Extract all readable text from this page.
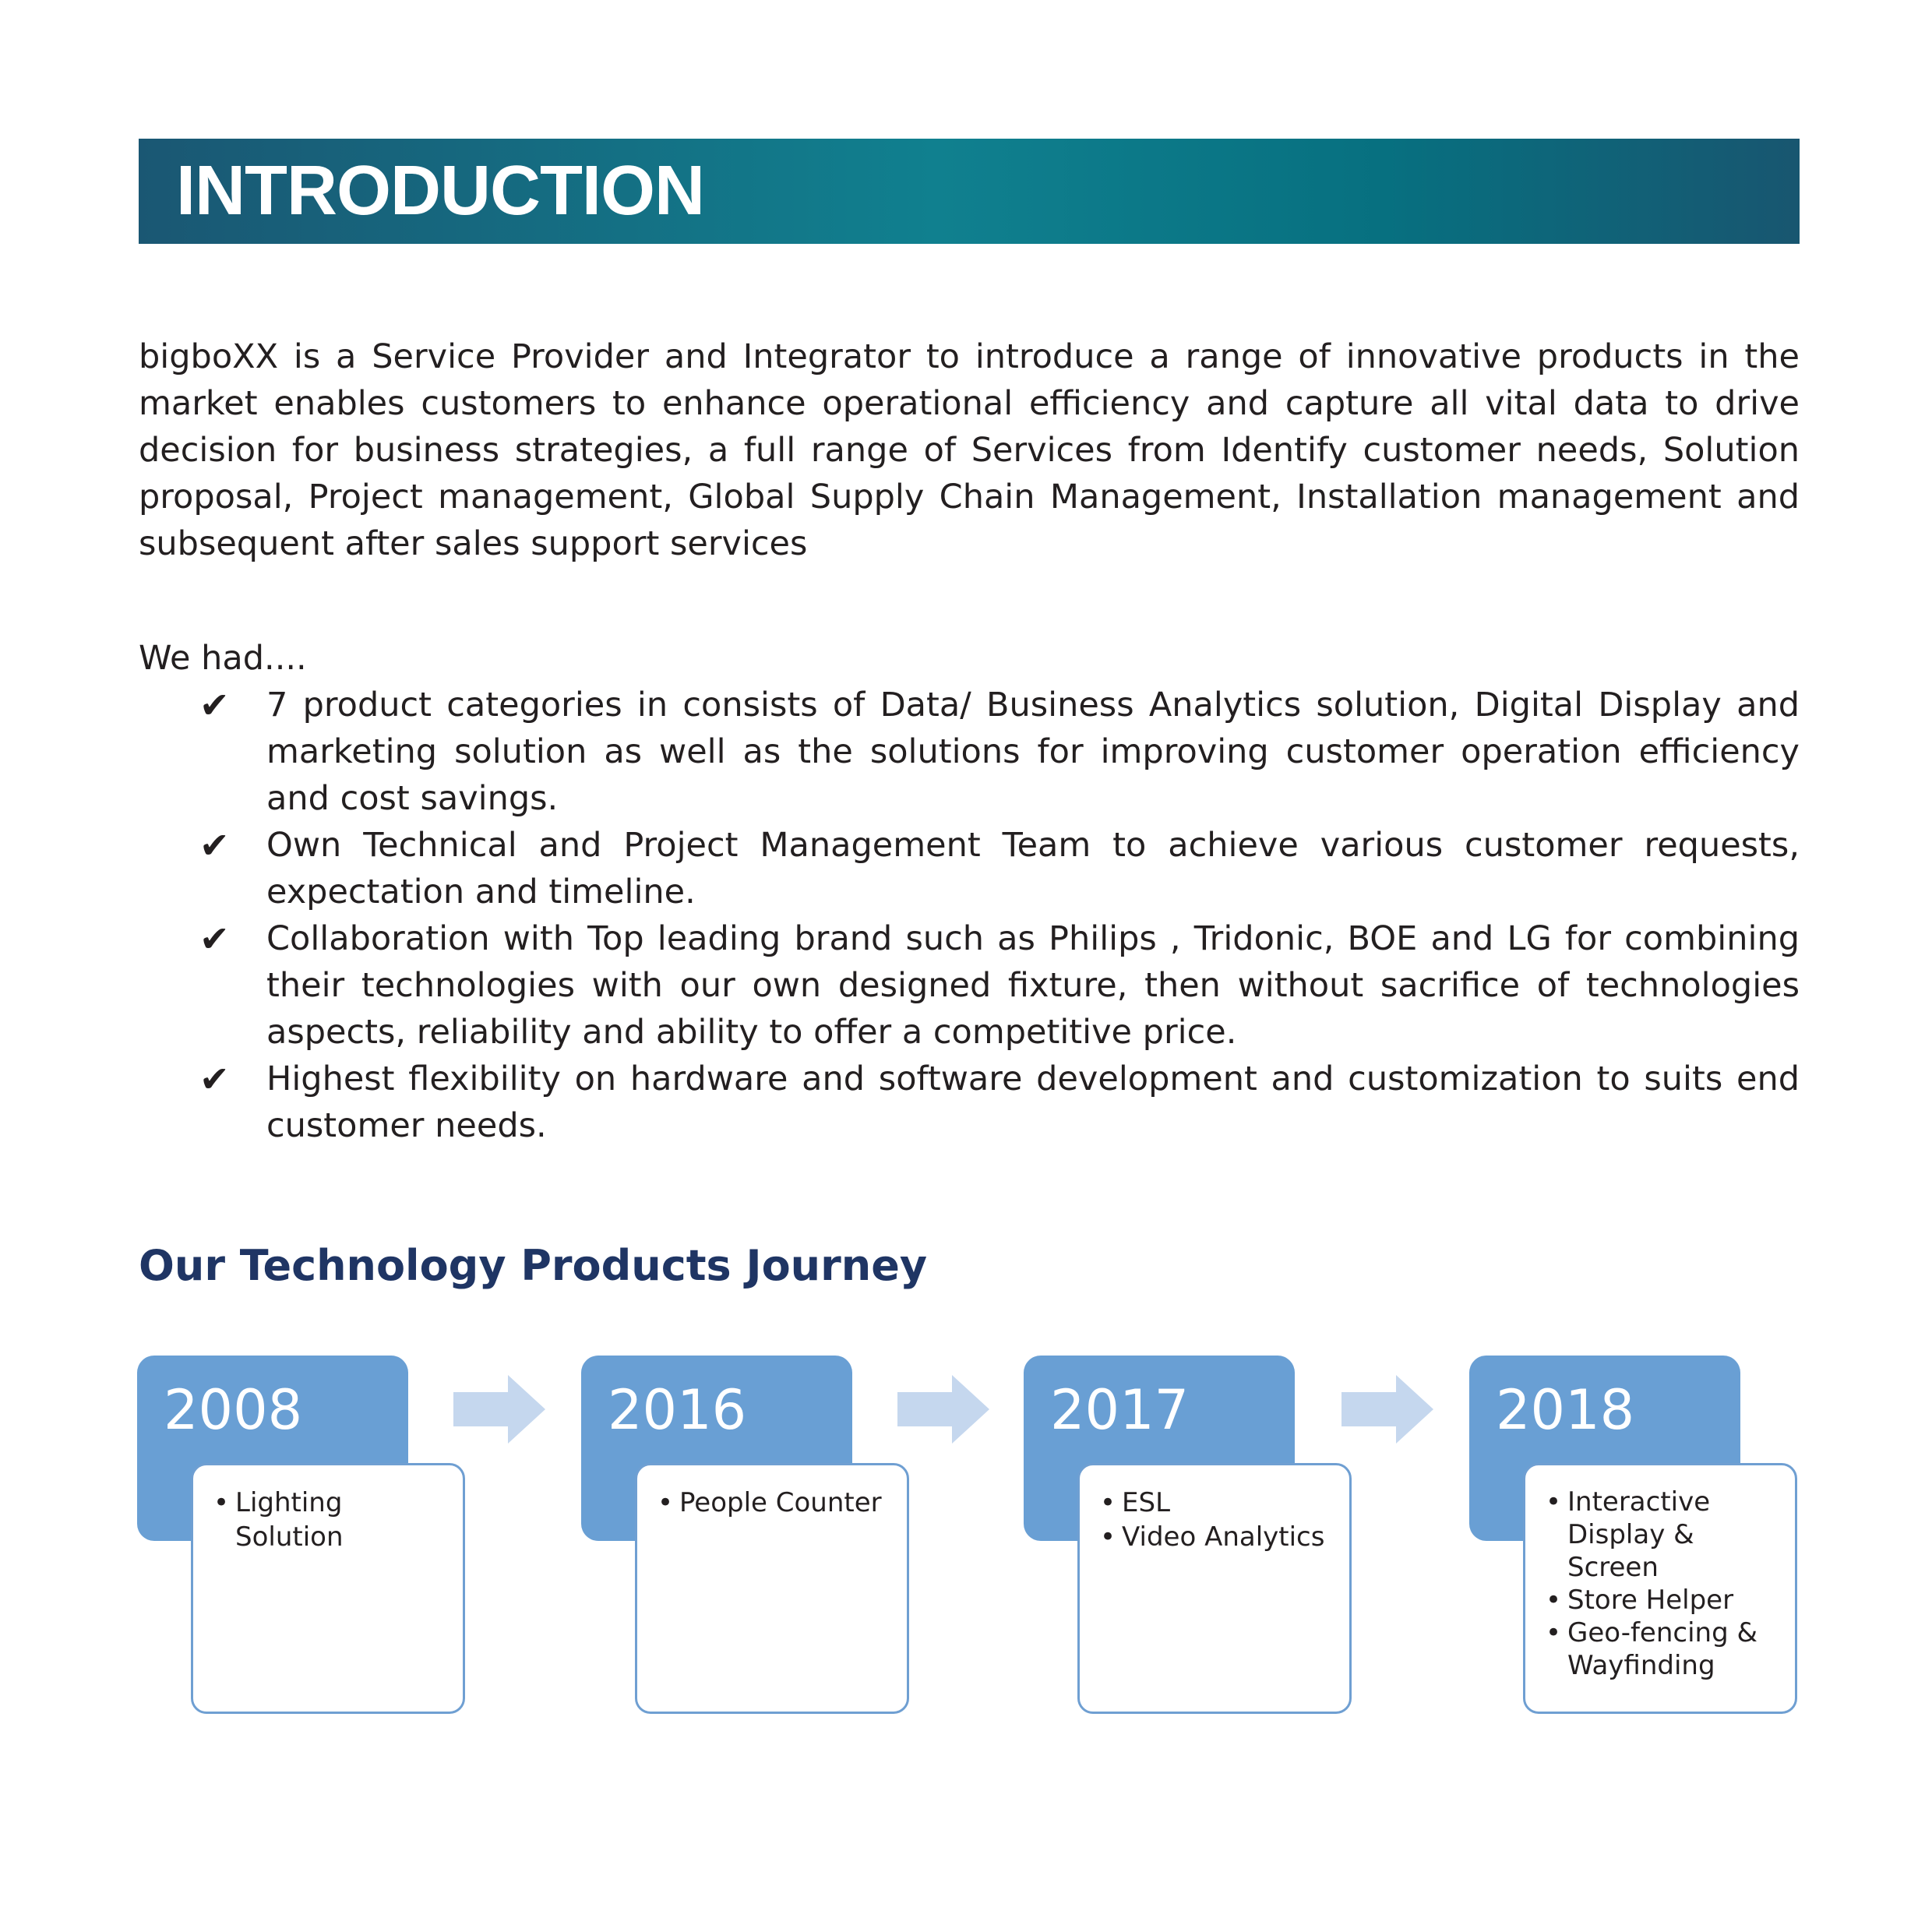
INTRODUCTION

bigboXX is a Service Provider and Integrator to introduce a range of innovative products in the market enables customers to enhance operational efficiency and capture all vital data to drive decision for business strategies, a full range of Services from Identify customer needs, Solution proposal, Project management, Global Supply Chain Management, Installation management and subsequent after sales support services

We had....
✔ 7 product categories in consists of Data/ Business Analytics solution, Digital Display and marketing solution as well as the solutions for improving customer operation efficiency and cost savings.
✔ Own Technical and Project Management Team to achieve various customer requests, expectation and timeline.
✔ Collaboration with Top leading brand such as Philips , Tridonic, BOE and LG for combining their technologies with our own designed fixture, then without sacrifice of technologies aspects, reliability and ability to offer a competitive price.
✔ Highest flexibility on hardware and software development and customization to suits end customer needs.
Our Technology Products Journey
2008
• Lighting Solution
2016
• People Counter
2017
• ESL
• Video Analytics
2018
• Interactive Display & Screen
• Store Helper
• Geo-fencing & Wayfinding
